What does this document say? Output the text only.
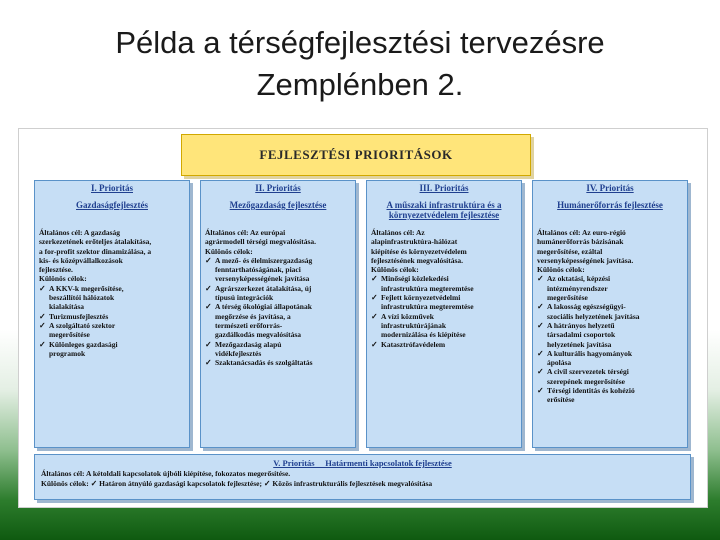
Példa a térségfejlesztési tervezésre
Zemplénben 2.
FEJLESZTÉSI PRIORITÁSOK
I. Prioritás
Gazdaságfejlesztés
Általános cél: A gazdaság
szerkezetének erőteljes átalakítása,
a for-profit szektor dinamizálása, a
kis- és középvállalkozások
fejlesztése.
Különös célok:
✓ A KKV-k megerősítése,
beszállítói hálózatok
kialakítása
✓ Turizmusfejlesztés
✓ A szolgáltató szektor
megerősítése
✓ Különleges gazdasági
programok
II. Prioritás
Mezőgazdaság fejlesztése
Általános cél: Az európai
agrármodell térségi megvalósítása.
Különös célok:
✓ A mező- és élelmiszergazdaság
fenntarthatóságának, piaci
versenyképességének javítása
✓ Agrárszerkezet átalakítása, új
típusú integrációk
✓ A térség ökológiai állapotának
megőrzése és javítása, a
természeti erőforrás-
gazdálkodás megvalósítása
✓ Mezőgazdaság alapú
vidékfejlesztés
✓ Szaktanácsadás és szolgáltatás
III. Prioritás
A műszaki infrastruktúra és a
környezetvédelem fejlesztése
Általános cél: Az
alapinfrastruktúra-hálózat
kiépítése és környezetvédelem
fejlesztésének megvalósítása.
Különös célok:
✓ Minőségi közlekedési
infrastruktúra megteremtése
✓ Fejlett környezetvédelmi
infrastruktúra megteremtése
✓ A vízi közművek
infrastruktúrájának
modernizálása és kiépítése
✓ Katasztrófavédelem
IV. Prioritás
Humánerőforrás fejlesztése
Általános cél: Az euro-régió
humánerőforrás bázisának
megerősítése, ezáltal
versenyképességének javítása.
Különös célok:
✓ Az oktatási, képzési
intézményrendszer
megerősítése
✓ A lakosság egészségügyi-
szociális helyzetének javítása
✓ A hátrányos helyzetű
társadalmi csoportok
helyzetének javítása
✓ A kulturális hagyományok
ápolása
✓ A civil szervezetek térségi
szerepének megerősítése
✓ Térségi identitás és kohézió
erősítése
V. Prioritás     Határmenti kapcsolatok fejlesztése
Általános cél: A kétoldali kapcsolatok újbóli kiépítése, fokozatos megerősítése.
Különös célok: ✓ Határon átnyúló gazdasági kapcsolatok fejlesztése; ✓ Közös infrastrukturális fejlesztések megvalósítása
